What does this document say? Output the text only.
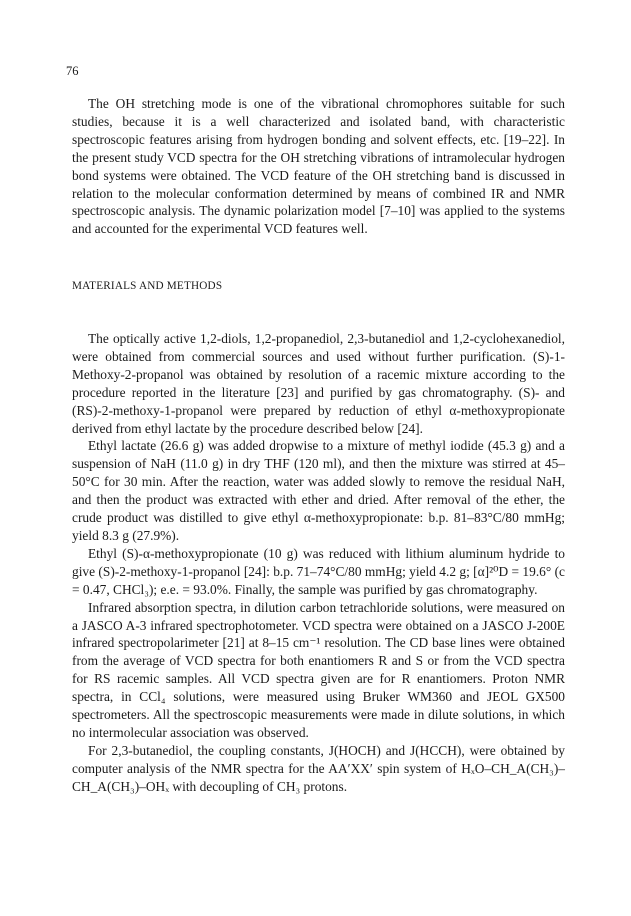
76

The OH stretching mode is one of the vibrational chromophores suitable for such studies, because it is a well characterized and isolated band, with characteristic spectroscopic features arising from hydrogen bonding and solvent effects, etc. [19–22]. In the present study VCD spectra for the OH stretching vibrations of intramolecular hydrogen bond systems were obtained. The VCD feature of the OH stretching band is discussed in relation to the molecular conformation determined by means of combined IR and NMR spectroscopic analysis. The dynamic polarization model [7–10] was applied to the systems and accounted for the experimental VCD features well.

MATERIALS AND METHODS

The optically active 1,2-diols, 1,2-propanediol, 2,3-butanediol and 1,2-cyclohexanediol, were obtained from commercial sources and used without further purification. (S)-1-Methoxy-2-propanol was obtained by resolution of a racemic mixture according to the procedure reported in the literature [23] and purified by gas chromatography. (S)- and (RS)-2-methoxy-1-propanol were prepared by reduction of ethyl α-methoxypropionate derived from ethyl lactate by the procedure described below [24].

Ethyl lactate (26.6 g) was added dropwise to a mixture of methyl iodide (45.3 g) and a suspension of NaH (11.0 g) in dry THF (120 ml), and then the mixture was stirred at 45–50°C for 30 min. After the reaction, water was added slowly to remove the residual NaH, and then the product was extracted with ether and dried. After removal of the ether, the crude product was distilled to give ethyl α-methoxypropionate: b.p. 81–83°C/80 mmHg; yield 8.3 g (27.9%).

Ethyl (S)-α-methoxypropionate (10 g) was reduced with lithium aluminum hydride to give (S)-2-methoxy-1-propanol [24]: b.p. 71–74°C/80 mmHg; yield 4.2 g; [α]²⁰D = 19.6° (c = 0.47, CHCl₃); e.e. = 93.0%. Finally, the sample was purified by gas chromatography.

Infrared absorption spectra, in dilution carbon tetrachloride solutions, were measured on a JASCO A-3 infrared spectrophotometer. VCD spectra were obtained on a JASCO J-200E infrared spectropolarimeter [21] at 8–15 cm⁻¹ resolution. The CD base lines were obtained from the average of VCD spectra for both enantiomers R and S or from the VCD spectra for RS racemic samples. All VCD spectra given are for R enantiomers. Proton NMR spectra, in CCl₄ solutions, were measured using Bruker WM360 and JEOL GX500 spectrometers. All the spectroscopic measurements were made in dilute solutions, in which no intermolecular association was observed.

For 2,3-butanediol, the coupling constants, J(HOCH) and J(HCCH), were obtained by computer analysis of the NMR spectra for the AA′XX′ spin system of HₓO–CH_A(CH₃)–CH_A(CH₃)–OHₓ with decoupling of CH₃ protons.
